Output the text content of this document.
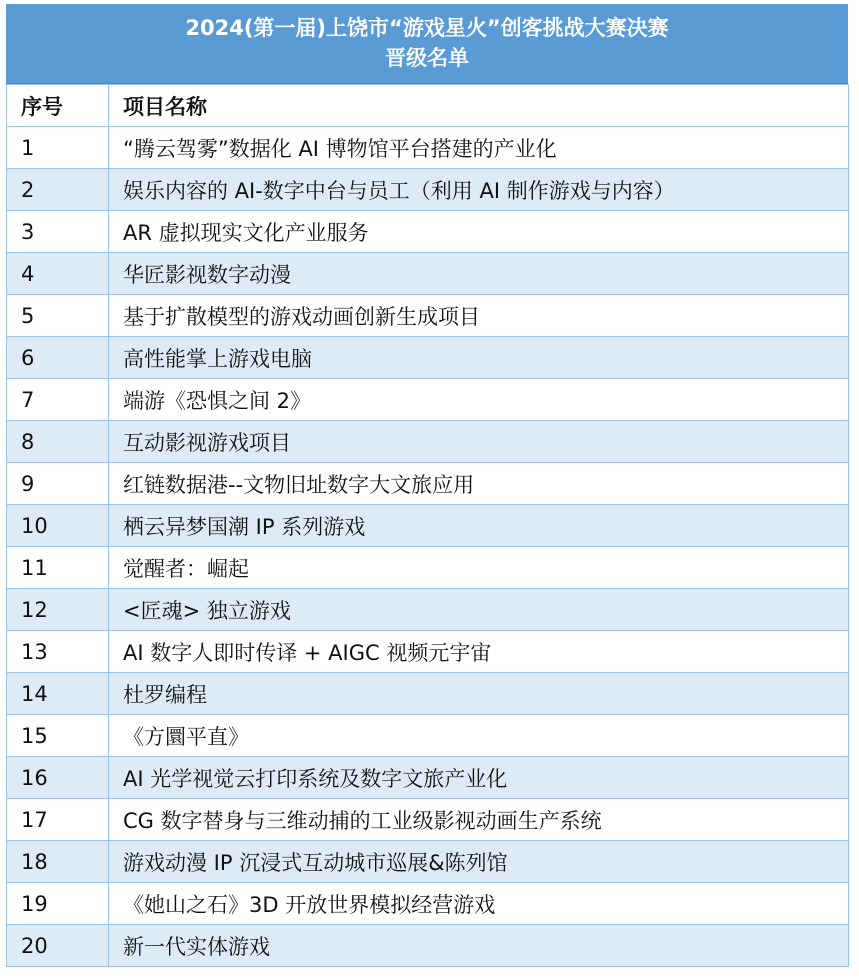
2024(第一届)上饶市“游戏星火”创客挑战大赛决赛
晋级名单
序号	项目名称
1	“腾云驾雾”数据化 AI 博物馆平台搭建的产业化
2	娱乐内容的 AI-数字中台与员工（利用 AI 制作游戏与内容）
3	AR 虚拟现实文化产业服务
4	华匠影视数字动漫
5	基于扩散模型的游戏动画创新生成项目
6	高性能掌上游戏电脑
7	端游《恐惧之间 2》
8	互动影视游戏项目
9	红链数据港--文物旧址数字大文旅应用
10	栖云异梦国潮 IP 系列游戏
11	觉醒者：崛起
12	<匠魂> 独立游戏
13	AI 数字人即时传译 + AIGC 视频元宇宙
14	杜罗编程
15	《方圜平直》
16	AI 光学视觉云打印系统及数字文旅产业化
17	CG 数字替身与三维动捕的工业级影视动画生产系统
18	游戏动漫 IP 沉浸式互动城市巡展&陈列馆
19	《她山之石》3D 开放世界模拟经营游戏
20	新一代实体游戏
